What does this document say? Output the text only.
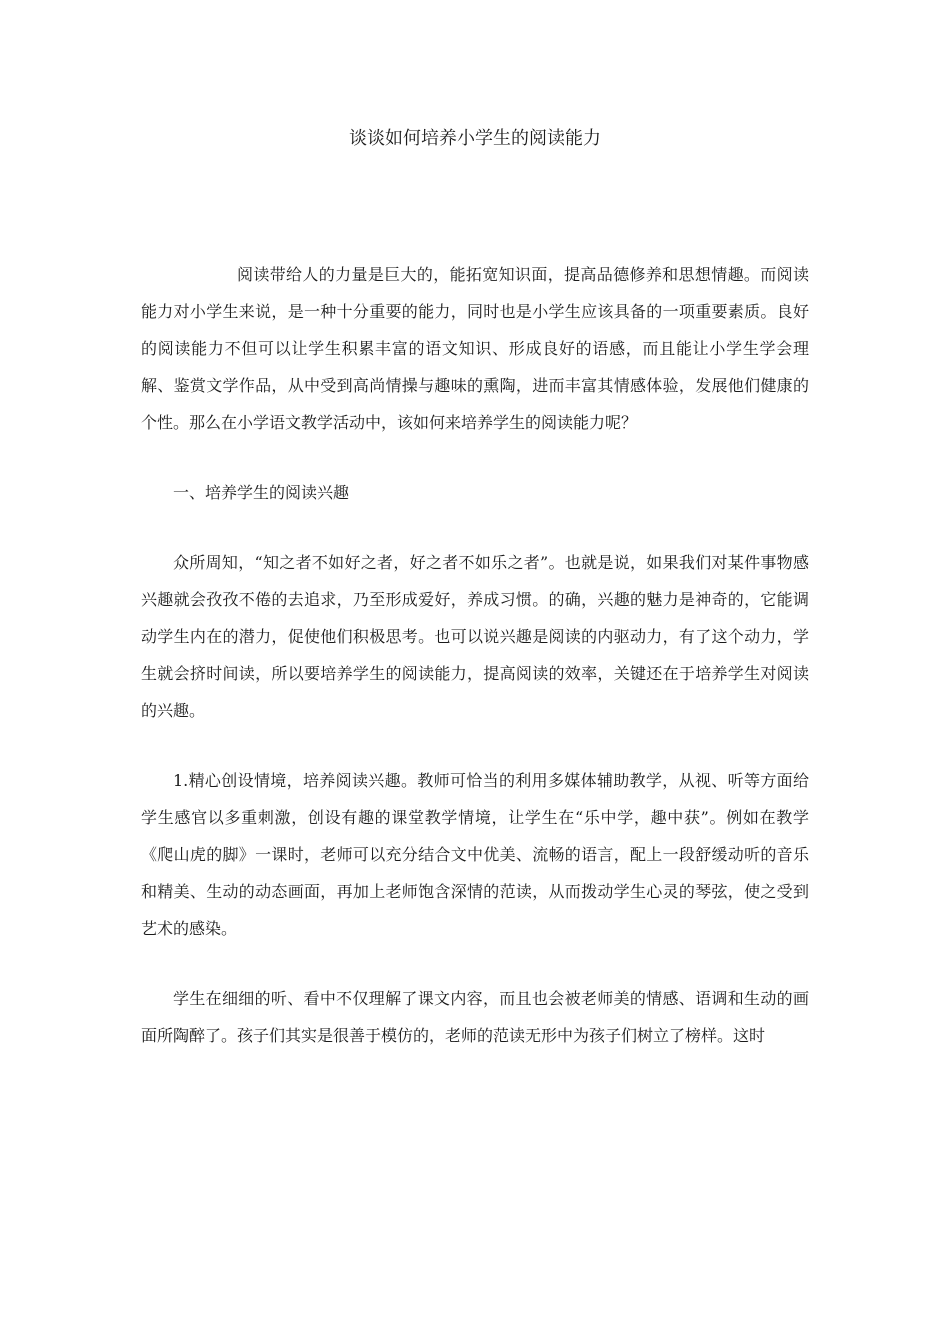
谈谈如何培养小学生的阅读能力

阅读带给人的力量是巨大的，能拓宽知识面，提高品德修养和思想情趣。而阅读能力对小学生来说，是一种十分重要的能力，同时也是小学生应该具备的一项重要素质。良好的阅读能力不但可以让学生积累丰富的语文知识、形成良好的语感，而且能让小学生学会理解、鉴赏文学作品，从中受到高尚情操与趣味的熏陶，进而丰富其情感体验，发展他们健康的个性。那么在小学语文教学活动中，该如何来培养学生的阅读能力呢？

一、培养学生的阅读兴趣

众所周知，“知之者不如好之者，好之者不如乐之者”。也就是说，如果我们对某件事物感兴趣就会孜孜不倦的去追求，乃至形成爱好，养成习惯。的确，兴趣的魅力是神奇的，它能调动学生内在的潜力，促使他们积极思考。也可以说兴趣是阅读的内驱动力，有了这个动力，学生就会挤时间读，所以要培养学生的阅读能力，提高阅读的效率，关键还在于培养学生对阅读的兴趣。

1.精心创设情境，培养阅读兴趣。教师可恰当的利用多媒体辅助教学，从视、听等方面给学生感官以多重刺激，创设有趣的课堂教学情境，让学生在“乐中学，趣中获”。例如在教学《爬山虎的脚》一课时，老师可以充分结合文中优美、流畅的语言，配上一段舒缓动听的音乐和精美、生动的动态画面，再加上老师饱含深情的范读，从而拨动学生心灵的琴弦，使之受到艺术的感染。

学生在细细的听、看中不仅理解了课文内容，而且也会被老师美的情感、语调和生动的画面所陶醉了。孩子们其实是很善于模仿的，老师的范读无形中为孩子们树立了榜样。这时
